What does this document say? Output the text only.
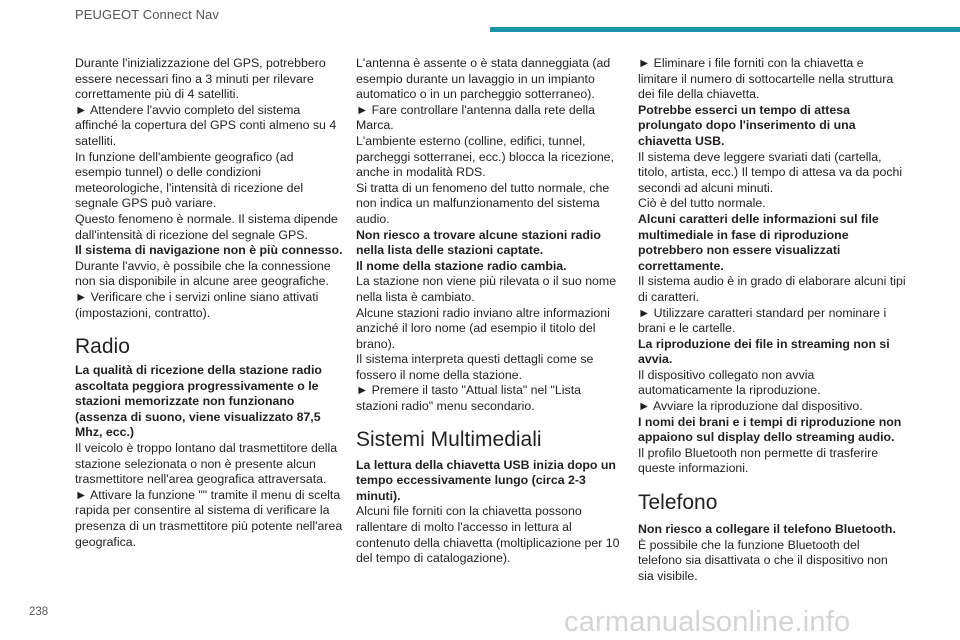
PEUGEOT Connect Nav

Durante l'inizializzazione del GPS, potrebbero essere necessari fino a 3 minuti per rilevare correttamente più di 4 satelliti.

► Attendere l'avvio completo del sistema affinché la copertura del GPS conti almeno su 4 satelliti.

In funzione dell'ambiente geografico (ad esempio tunnel) o delle condizioni meteorologiche, l'intensità di ricezione del segnale GPS può variare.

Questo fenomeno è normale. Il sistema dipende dall'intensità di ricezione del segnale GPS.

Il sistema di navigazione non è più connesso.

Durante l'avvio, è possibile che la connessione non sia disponibile in alcune aree geografiche.

► Verificare che i servizi online siano attivati (impostazioni, contratto).

Radio

La qualità di ricezione della stazione radio ascoltata peggiora progressivamente o le stazioni memorizzate non funzionano (assenza di suono, viene visualizzato 87,5 Mhz, ecc.)

Il veicolo è troppo lontano dal trasmettitore della stazione selezionata o non è presente alcun trasmettitore nell'area geografica attraversata.

► Attivare la funzione "" tramite il menu di scelta rapida per consentire al sistema di verificare la presenza di un trasmettitore più potente nell'area geografica.

L'antenna è assente o è stata danneggiata (ad esempio durante un lavaggio in un impianto automatico o in un parcheggio sotterraneo).

► Fare controllare l'antenna dalla rete della Marca.

L'ambiente esterno (colline, edifici, tunnel, parcheggi sotterranei, ecc.) blocca la ricezione, anche in modalità RDS.

Si tratta di un fenomeno del tutto normale, che non indica un malfunzionamento del sistema audio.

Non riesco a trovare alcune stazioni radio nella lista delle stazioni captate.

Il nome della stazione radio cambia.

La stazione non viene più rilevata o il suo nome nella lista è cambiato.

Alcune stazioni radio inviano altre informazioni anziché il loro nome (ad esempio il titolo del brano).

Il sistema interpreta questi dettagli come se fossero il nome della stazione.

► Premere il tasto "Attual lista" nel "Lista stazioni radio" menu secondario.

Sistemi Multimediali

La lettura della chiavetta USB inizia dopo un tempo eccessivamente lungo (circa 2-3 minuti).

Alcuni file forniti con la chiavetta possono rallentare di molto l'accesso in lettura al contenuto della chiavetta (moltiplicazione per 10 del tempo di catalogazione).

► Eliminare i file forniti con la chiavetta e limitare il numero di sottocartelle nella struttura dei file della chiavetta.

Potrebbe esserci un tempo di attesa prolungato dopo l'inserimento di una chiavetta USB.

Il sistema deve leggere svariati dati (cartella, titolo, artista, ecc.) Il tempo di attesa va da pochi secondi ad alcuni minuti.

Ciò è del tutto normale.

Alcuni caratteri delle informazioni sul file multimediale in fase di riproduzione potrebbero non essere visualizzati correttamente.

Il sistema audio è in grado di elaborare alcuni tipi di caratteri.

► Utilizzare caratteri standard per nominare i brani e le cartelle.

La riproduzione dei file in streaming non si avvia.

Il dispositivo collegato non avvia automaticamente la riproduzione.

► Avviare la riproduzione dal dispositivo.

I nomi dei brani e i tempi di riproduzione non appaiono sul display dello streaming audio.

Il profilo Bluetooth non permette di trasferire queste informazioni.

Telefono

Non riesco a collegare il telefono Bluetooth.

È possibile che la funzione Bluetooth del telefono sia disattivata o che il dispositivo non sia visibile.

238	carmanualsonline.info
